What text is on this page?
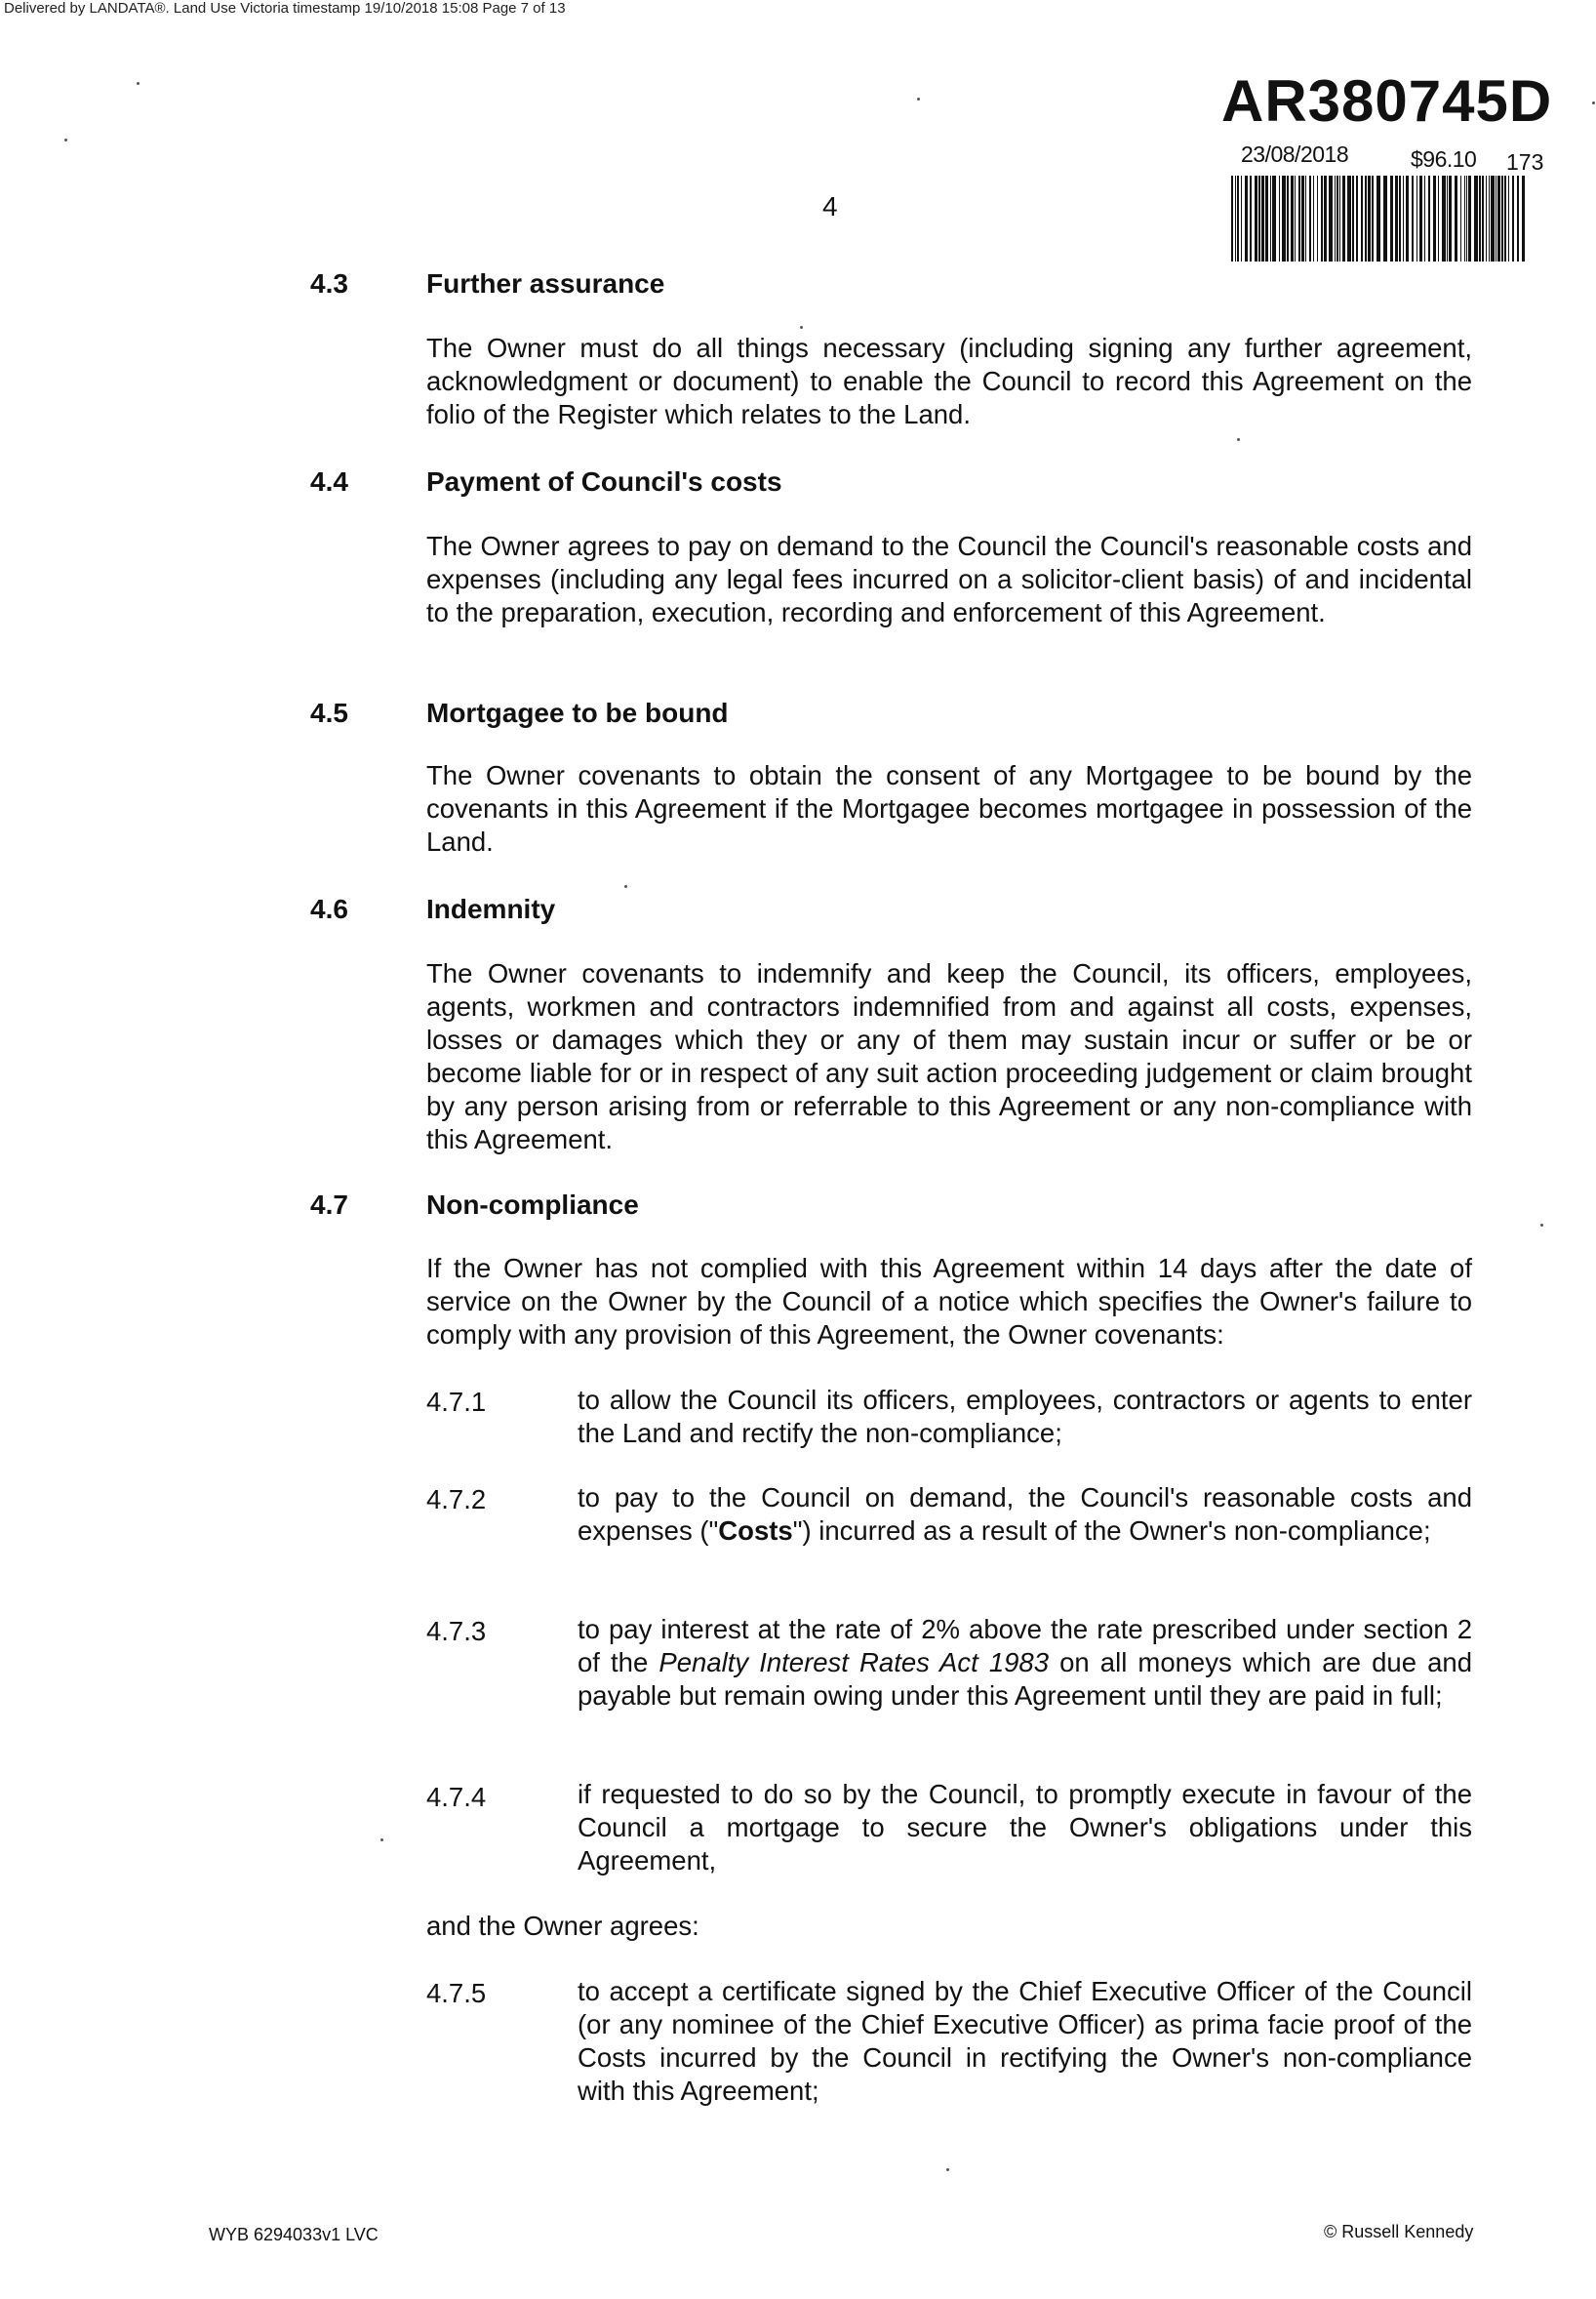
Delivered by LANDATA®. Land Use Victoria timestamp 19/10/2018 15:08 Page 7 of 13
AR380745D
23/08/2018	$96.10 173
4
4.3	Further assurance
The Owner must do all things necessary (including signing any further agreement, acknowledgment or document) to enable the Council to record this Agreement on the folio of the Register which relates to the Land.
4.4	Payment of Council's costs
The Owner agrees to pay on demand to the Council the Council's reasonable costs and expenses (including any legal fees incurred on a solicitor-client basis) of and incidental to the preparation, execution, recording and enforcement of this Agreement.
4.5	Mortgagee to be bound
The Owner covenants to obtain the consent of any Mortgagee to be bound by the covenants in this Agreement if the Mortgagee becomes mortgagee in possession of the Land.
4.6	Indemnity
The Owner covenants to indemnify and keep the Council, its officers, employees, agents, workmen and contractors indemnified from and against all costs, expenses, losses or damages which they or any of them may sustain incur or suffer or be or become liable for or in respect of any suit action proceeding judgement or claim brought by any person arising from or referrable to this Agreement or any non-compliance with this Agreement.
4.7	Non-compliance
If the Owner has not complied with this Agreement within 14 days after the date of service on the Owner by the Council of a notice which specifies the Owner's failure to comply with any provision of this Agreement, the Owner covenants:
4.7.1	to allow the Council its officers, employees, contractors or agents to enter the Land and rectify the non-compliance;
4.7.2	to pay to the Council on demand, the Council's reasonable costs and expenses ("Costs") incurred as a result of the Owner's non-compliance;
4.7.3	to pay interest at the rate of 2% above the rate prescribed under section 2 of the Penalty Interest Rates Act 1983 on all moneys which are due and payable but remain owing under this Agreement until they are paid in full;
4.7.4	if requested to do so by the Council, to promptly execute in favour of the Council a mortgage to secure the Owner's obligations under this Agreement,
and the Owner agrees:
4.7.5	to accept a certificate signed by the Chief Executive Officer of the Council (or any nominee of the Chief Executive Officer) as prima facie proof of the Costs incurred by the Council in rectifying the Owner's non-compliance with this Agreement;
WYB 6294033v1 LVC	© Russell Kennedy
